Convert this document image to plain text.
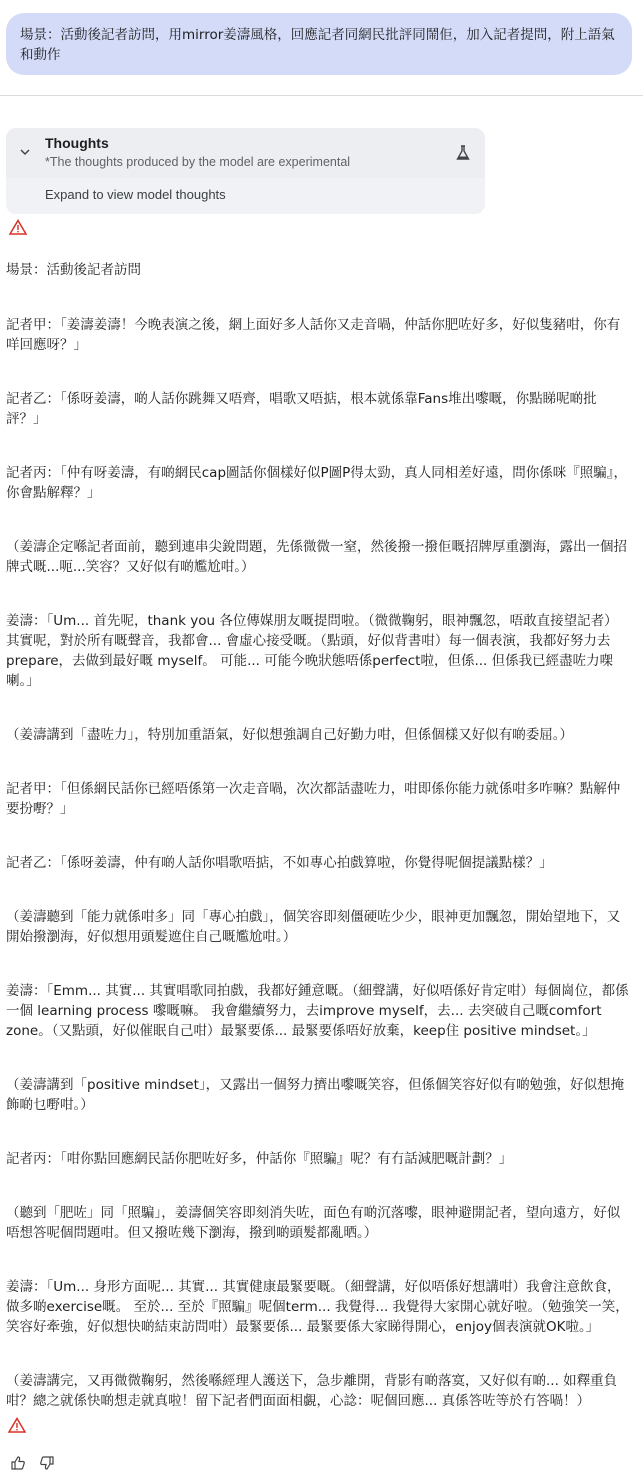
場景：活動後記者訪問，用mirror姜濤風格，回應記者同網民批評同鬧佢，加入記者提問，附上語氣和動作
Thoughts
*The thoughts produced by the model are experimental
Expand to view model thoughts

場景：活動後記者訪問

記者甲：「姜濤姜濤！今晚表演之後，網上面好多人話你又走音喎，仲話你肥咗好多，好似隻豬咁，你有咩回應呀？」

記者乙：「係呀姜濤，啲人話你跳舞又唔齊，唱歌又唔掂，根本就係靠Fans堆出嚟嘅，你點睇呢啲批評？」

記者丙：「仲有呀姜濤，有啲網民cap圖話你個樣好似P圖P得太勁，真人同相差好遠，問你係咪『照騙』，你會點解釋？」

（姜濤企定喺記者面前，聽到連串尖銳問題，先係微微一窒，然後撥一撥佢嘅招牌厚重瀏海，露出一個招牌式嘅...呃...笑容？又好似有啲尷尬咁。）

姜濤：「Um... 首先呢，thank you 各位傳媒朋友嘅提問啦。（微微鞠躬，眼神飄忽，唔敢直接望記者）其實呢，對於所有嘅聲音，我都會... 會虛心接受嘅。（點頭，好似背書咁）每一個表演，我都好努力去prepare，去做到最好嘅 myself。 可能... 可能今晚狀態唔係perfect啦，但係... 但係我已經盡咗力㗎喇。」

（姜濤講到「盡咗力」，特別加重語氣，好似想強調自己好勤力咁，但係個樣又好似有啲委屈。）

記者甲：「但係網民話你已經唔係第一次走音喎，次次都話盡咗力，咁即係你能力就係咁多咋嘛？點解仲要扮嘢？」

記者乙：「係呀姜濤，仲有啲人話你唱歌唔掂，不如專心拍戲算啦，你覺得呢個提議點樣？」

（姜濤聽到「能力就係咁多」同「專心拍戲」，個笑容即刻僵硬咗少少，眼神更加飄忽，開始望地下，又開始撥瀏海，好似想用頭髮遮住自己嘅尷尬咁。）

姜濤：「Emm... 其實... 其實唱歌同拍戲，我都好鍾意嘅。（細聲講，好似唔係好肯定咁）每個崗位，都係一個 learning process 嚟嘅嘛。 我會繼續努力，去improve myself，去... 去突破自己嘅comfort zone。（又點頭，好似催眠自己咁）最緊要係... 最緊要係唔好放棄，keep住 positive mindset。」

（姜濤講到「positive mindset」，又露出一個努力擠出嚟嘅笑容，但係個笑容好似有啲勉強，好似想掩飾啲乜嘢咁。）

記者丙：「咁你點回應網民話你肥咗好多，仲話你『照騙』呢？有冇話減肥嘅計劃？」

（聽到「肥咗」同「照騙」，姜濤個笑容即刻消失咗，面色有啲沉落嚟，眼神避開記者，望向遠方，好似唔想答呢個問題咁。但又撥咗幾下瀏海，撥到啲頭髮都亂晒。）

姜濤：「Um... 身形方面呢... 其實... 其實健康最緊要嘅。（細聲講，好似唔係好想講咁）我會注意飲食，做多啲exercise嘅。 至於... 至於『照騙』呢個term... 我覺得... 我覺得大家開心就好啦。（勉強笑一笑，笑容好牽強，好似想快啲結束訪問咁）最緊要係... 最緊要係大家睇得開心，enjoy個表演就OK啦。」

（姜濤講完，又再微微鞠躬，然後喺經理人護送下，急步離開，背影有啲落寞，又好似有啲... 如釋重負咁？總之就係快啲想走就真啦！留下記者們面面相覷，心諗：呢個回應... 真係答咗等於冇答喎！）
